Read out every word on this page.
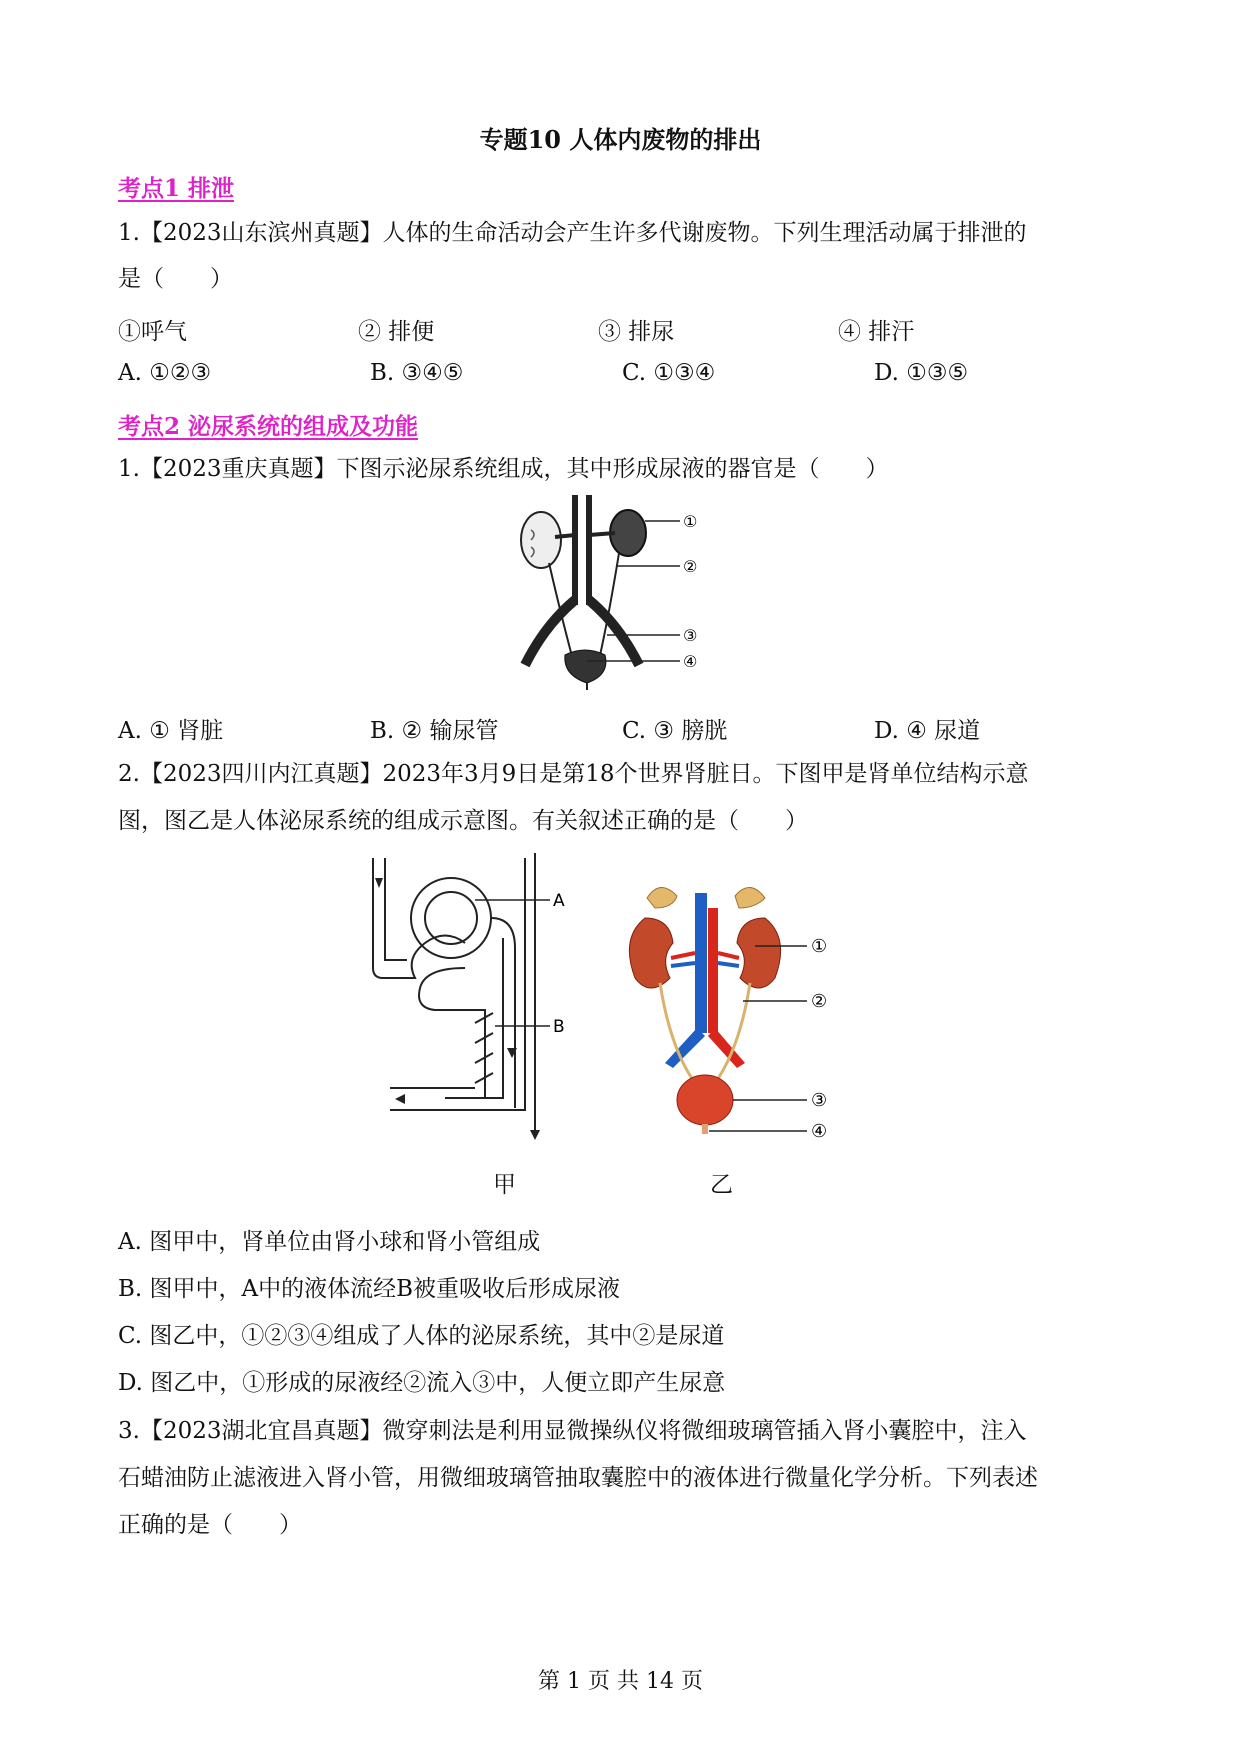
专题10 人体内废物的排出
考点1 排泄
1.【2023山东滨州真题】人体的生命活动会产生许多代谢废物。下列生理活动属于排泄的
是（　　）
①呼气	② 排便	③ 排尿	④ 排汗
A. ①②③	B. ③④⑤	C. ①③④	D. ①③⑤
考点2 泌尿系统的组成及功能
1.【2023重庆真题】下图示泌尿系统组成，其中形成尿液的器官是（　　）
①
②
③
④
A. ① 肾脏	B. ② 输尿管	C. ③ 膀胱	D. ④ 尿道
2.【2023四川内江真题】2023年3月9日是第18个世界肾脏日。下图甲是肾单位结构示意
图，图乙是人体泌尿系统的组成示意图。有关叙述正确的是（　　）
A
B
①
②
③
④
甲	乙
A. 图甲中，肾单位由肾小球和肾小管组成
B. 图甲中，A中的液体流经B被重吸收后形成尿液
C. 图乙中，①②③④组成了人体的泌尿系统，其中②是尿道
D. 图乙中，①形成的尿液经②流入③中，人便立即产生尿意
3.【2023湖北宜昌真题】微穿刺法是利用显微操纵仪将微细玻璃管插入肾小囊腔中，注入
石蜡油防止滤液进入肾小管，用微细玻璃管抽取囊腔中的液体进行微量化学分析。下列表述
正确的是（　　）
第 1 页 共 14 页
